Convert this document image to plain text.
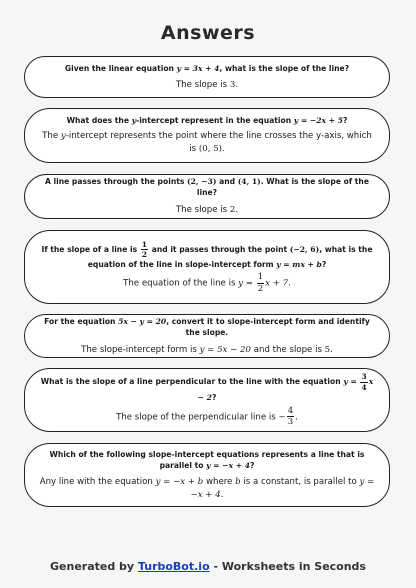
Answers
Given the linear equation y = 3x + 4, what is the slope of the line?
The slope is 3.
What does the y-intercept represent in the equation y = −2x + 5?
The y-intercept represents the point where the line crosses the y-axis, which is (0, 5).
A line passes through the points (2, −3) and (4, 1). What is the slope of the line?
The slope is 2.
If the slope of a line is $\frac{1}{2}$ and it passes through the point (−2, 6), what is the equation of the line in slope-intercept form y = mx + b?
The equation of the line is $y = \frac{1}{2}$ x + 7.
For the equation 5x − y = 20, convert it to slope-intercept form and identify the slope.
The slope-intercept form is y = 5x − 20 and the slope is 5.
What is the slope of a line perpendicular to the line with the equation $y = \frac{3}{4}$ x − 2?
The slope of the perpendicular line is − $\frac{4}{3}$ .
Which of the following slope-intercept equations represents a line that is parallel to y = −x + 4?
Any line with the equation y = −x + b where b is a constant, is parallel to y = −x + 4.
Generated by TurboBot.io - Worksheets in Seconds
